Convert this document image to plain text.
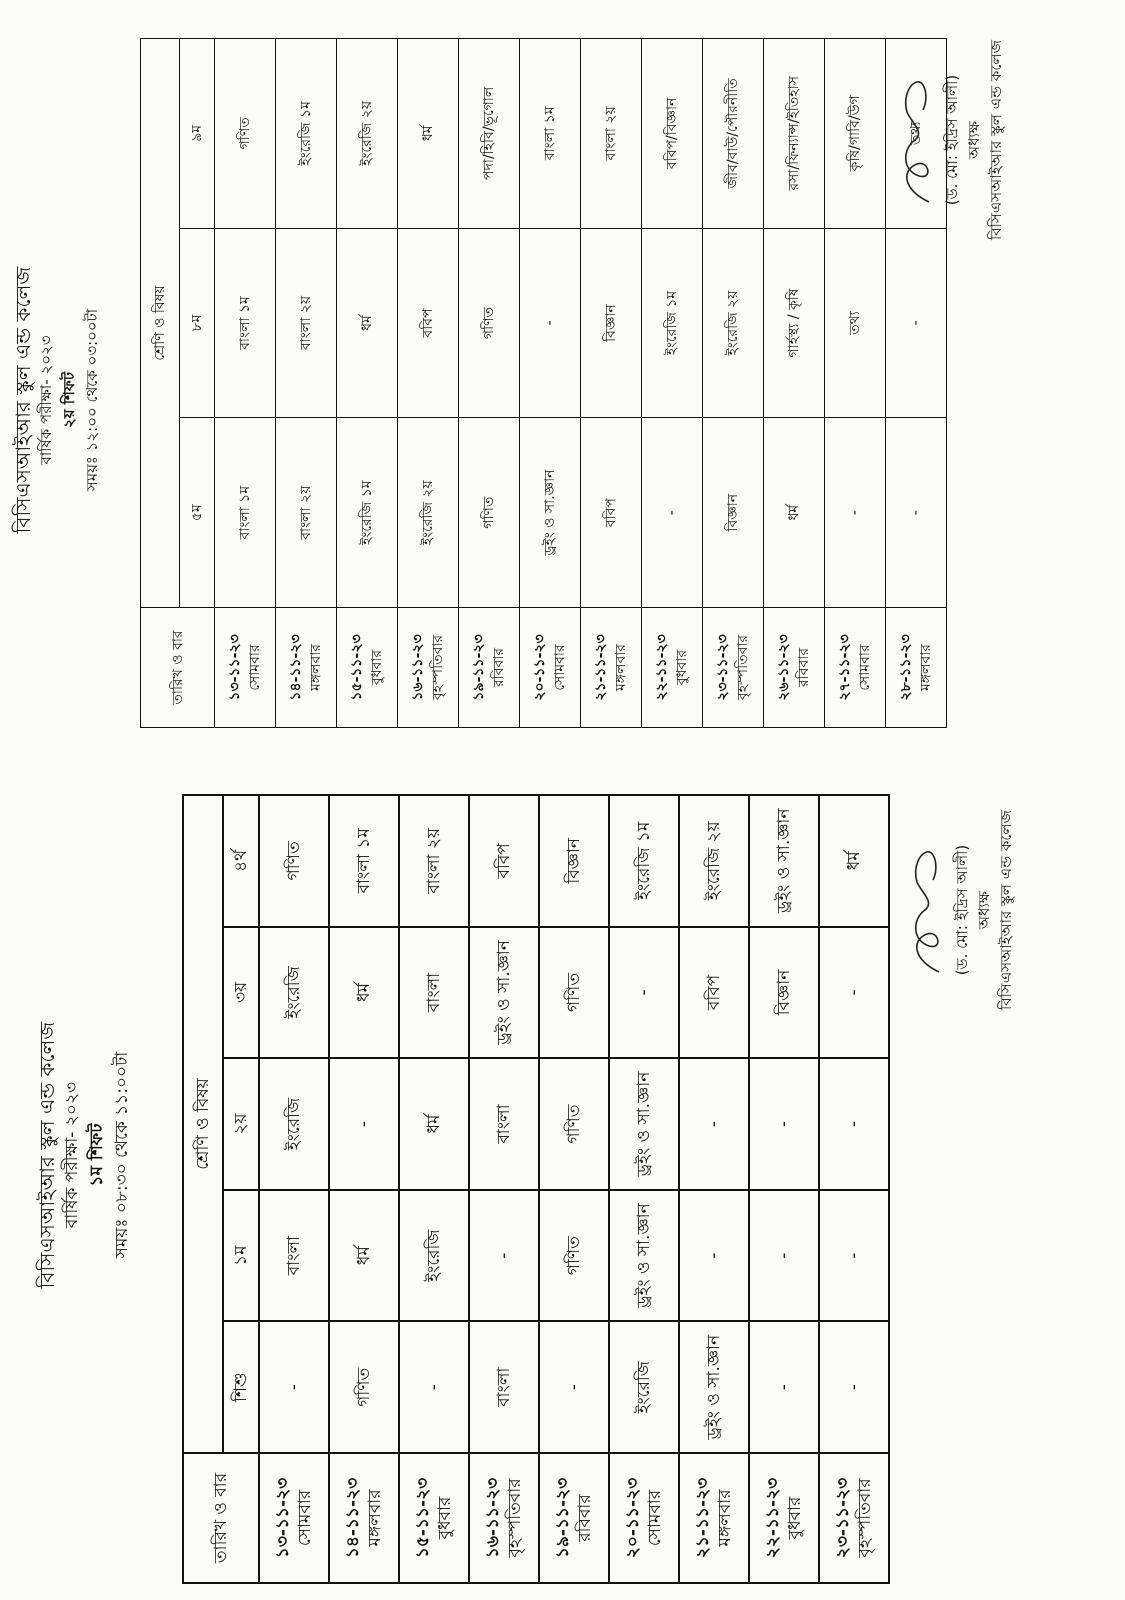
বিসিএসআইআর স্কুল এন্ড কলেজ বার্ষিক পরীক্ষা- ২০২৩ ১ম শিফট সময়ঃ ০৮:৩০ থেকে ১১:০০টা
তারিখ ও বার	শ্রেণি ও বিষয়				
	শিশু	১ম	২য়	৩য়	৪র্থ

১৩-১১-২৩ সোমবার	-	বাংলা	ইংরেজি	ইংরেজি	গণিত

১৪-১১-২৩ মঙ্গলবার	গণিত	ধর্ম	-	ধর্ম	বাংলা ১ম

১৫-১১-২৩ বুধবার	-	ইংরেজি	ধর্ম	বাংলা	বাংলা ২য়

১৬-১১-২৩ বৃহস্পতিবার	বাংলা	-	বাংলা	ড্রইং ও সা.জ্ঞান	ববিপ

১৯-১১-২৩ রবিবার	-	গণিত	গণিত	গণিত	বিজ্ঞান

২০-১১-২৩ সোমবার	ইংরেজি	ড্রইং ও সা.জ্ঞান	ড্রইং ও সা.জ্ঞান	-	ইংরেজি ১ম

২১-১১-২৩ মঙ্গলবার	ড্রইং ও সা.জ্ঞান	-	-	ববিপ	ইংরেজি ২য়

২২-১১-২৩ বুধবার	-	-	-	বিজ্ঞান	ড্রইং ও সা.জ্ঞান

২৩-১১-২৩ বৃহস্পতিবার	-	-	-	-	ধর্ম	(ড. মো: ইদ্রিস আলী) অধ্যক্ষ বিসিএসআইআর স্কুল এন্ড কলেজ
বিসিএসআইআর স্কুল এন্ড কলেজ বার্ষিক পরীক্ষা- ২০২৩ ২য় শিফট সময়ঃ ১২:০০ থেকে ০৩:০০টা
তারিখ ও বার	শ্রেণি ও বিষয়		
	৫ম	৮ম	৯ম

১৩-১১-২৩ সোমবার	বাংলা ১ম	বাংলা ১ম	গণিত

১৪-১১-২৩ মঙ্গলবার	বাংলা ২য়	বাংলা ২য়	ইংরেজি ১ম

১৫-১১-২৩ বুধবার	ইংরেজি ১ম	ধর্ম	ইংরেজি ২য়

১৬-১১-২৩ বৃহস্পতিবার	ইংরেজি ২য়	ববিপ	ধর্ম

১৯-১১-২৩ রবিবার	গণিত	গণিত	পদা/হিবি/ভূগোল

২০-১১-২৩ সোমবার	ড্রইং ও সা.জ্ঞান	-	বাংলা ১ম

২১-১১-২৩ মঙ্গলবার	ববিপ	বিজ্ঞান	বাংলা ২য়

২২-১১-২৩ বুধবার	-	ইংরেজি ১ম	ববিপ/বিজ্ঞান

২৩-১১-২৩ বৃহস্পতিবার	বিজ্ঞান	ইংরেজি ২য়	জীব/বাউ/পৌরনীতি

২৬-১১-২৩ রবিবার	ধর্ম	গার্হস্থ্য / কৃষি	রসা/ফিন্যান্স/ইতিহাস

২৭-১১-২৩ সোমবার	-	তথ্য	কৃষি/গাবি/উগ

২৮-১১-২৩ মঙ্গলবার	-	-	তথ্য (ড. মো: ইদ্রিস আলী) অধ্যক্ষ বিসিএসআইআর স্কুল এন্ড কলেজ
